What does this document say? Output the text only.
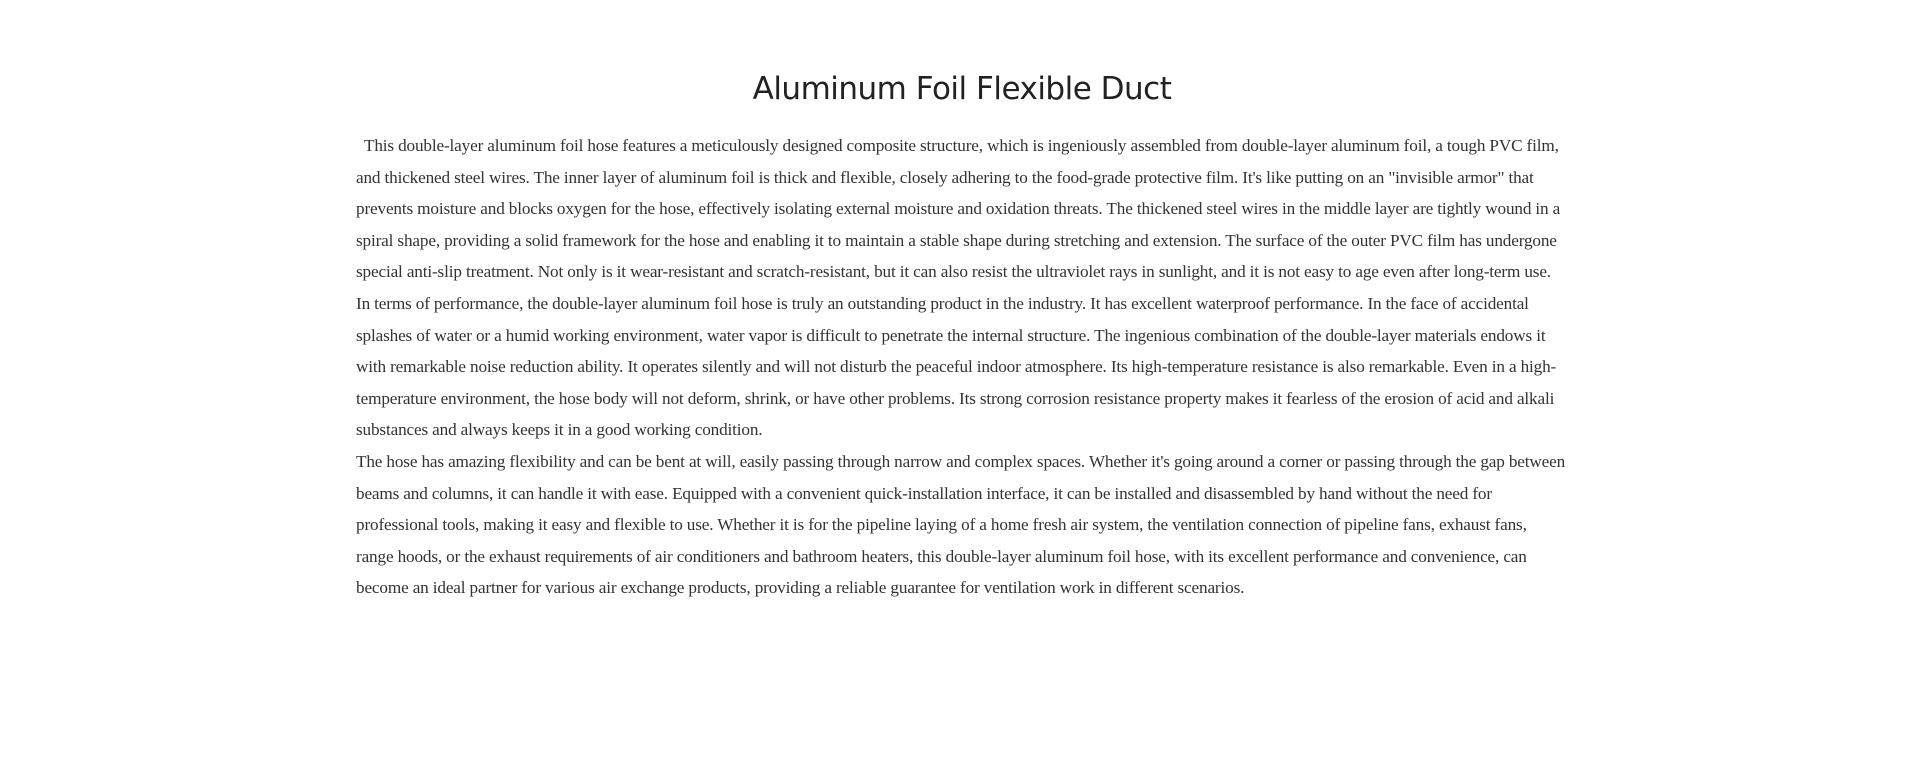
Aluminum Foil Flexible Duct

This double-layer aluminum foil hose features a meticulously designed composite structure, which is ingeniously assembled from double-layer aluminum foil, a tough PVC film, and thickened steel wires. The inner layer of aluminum foil is thick and flexible, closely adhering to the food-grade protective film. It's like putting on an "invisible armor" that prevents moisture and blocks oxygen for the hose, effectively isolating external moisture and oxidation threats. The thickened steel wires in the middle layer are tightly wound in a spiral shape, providing a solid framework for the hose and enabling it to maintain a stable shape during stretching and extension. The surface of the outer PVC film has undergone special anti-slip treatment. Not only is it wear-resistant and scratch-resistant, but it can also resist the ultraviolet rays in sunlight, and it is not easy to age even after long-term use.

In terms of performance, the double-layer aluminum foil hose is truly an outstanding product in the industry. It has excellent waterproof performance. In the face of accidental splashes of water or a humid working environment, water vapor is difficult to penetrate the internal structure. The ingenious combination of the double-layer materials endows it with remarkable noise reduction ability. It operates silently and will not disturb the peaceful indoor atmosphere. Its high-temperature resistance is also remarkable. Even in a high-temperature environment, the hose body will not deform, shrink, or have other problems. Its strong corrosion resistance property makes it fearless of the erosion of acid and alkali substances and always keeps it in a good working condition.

The hose has amazing flexibility and can be bent at will, easily passing through narrow and complex spaces. Whether it's going around a corner or passing through the gap between beams and columns, it can handle it with ease. Equipped with a convenient quick-installation interface, it can be installed and disassembled by hand without the need for professional tools, making it easy and flexible to use. Whether it is for the pipeline laying of a home fresh air system, the ventilation connection of pipeline fans, exhaust fans, range hoods, or the exhaust requirements of air conditioners and bathroom heaters, this double-layer aluminum foil hose, with its excellent performance and convenience, can become an ideal partner for various air exchange products, providing a reliable guarantee for ventilation work in different scenarios.
